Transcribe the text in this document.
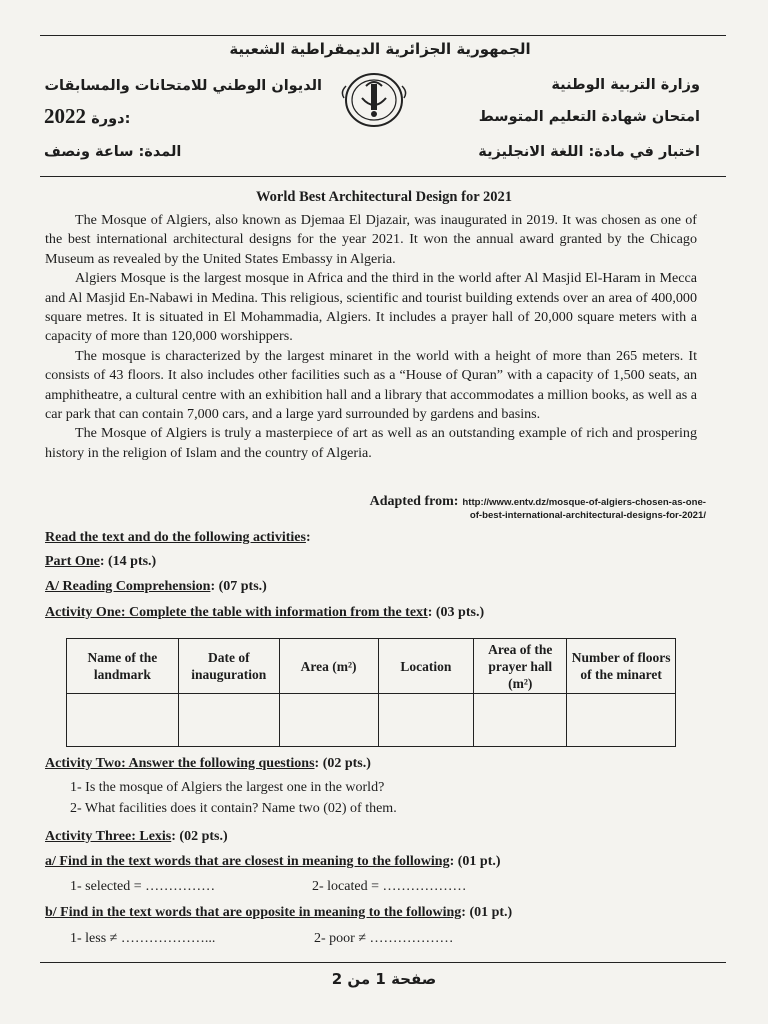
الجمهورية الجزائرية الديمقراطية الشعبية
وزارة التربية الوطنية
امتحان شهادة التعليم المتوسط
اختبار في مادة: اللغة الانجليزية
الديوان الوطني للامتحانات والمسابقات
2022 دورة:
المدة: ساعة ونصف
World Best Architectural Design for 2021

The Mosque of Algiers, also known as Djemaa El Djazair, was inaugurated in 2019. It was chosen as one of the best international architectural designs for the year 2021. It won the annual award granted by the Chicago Museum as revealed by the United States Embassy in Algeria.

Algiers Mosque is the largest mosque in Africa and the third in the world after Al Masjid El-Haram in Mecca and Al Masjid En-Nabawi in Medina. This religious, scientific and tourist building extends over an area of 400,000 square metres. It is situated in El Mohammadia, Algiers. It includes a prayer hall of 20,000 square meters with a capacity of more than 120,000 worshippers.

The mosque is characterized by the largest minaret in the world with a height of more than 265 meters. It consists of 43 floors. It also includes other facilities such as a “House of Quran” with a capacity of 1,500 seats, an amphitheatre, a cultural centre with an exhibition hall and a library that accommodates a million books, as well as a car park that can contain 7,000 cars, and a large yard surrounded by gardens and basins.

The Mosque of Algiers is truly a masterpiece of art as well as an outstanding example of rich and prospering history in the religion of Islam and the country of Algeria.

Adapted from: http://www.entv.dz/mosque-of-algiers-chosen-as-one-
of-best-international-architectural-designs-for-2021/
Read the text and do the following activities:
Part One: (14 pts.)
A/ Reading Comprehension: (07 pts.)
Activity One: Complete the table with information from the text: (03 pts.)
Name of the landmark	Date of inauguration	Area (m²)	Location	Area of the prayer hall (m²)	Number of floors of the minaret

Activity Two: Answer the following questions: (02 pts.)
1- Is the mosque of Algiers the largest one in the world?
2- What facilities does it contain? Name two (02) of them.
Activity Three: Lexis: (02 pts.)
a/ Find in the text words that are closest in meaning to the following: (01 pt.)
1- selected = ……………	2- located = ………………
b/ Find in the text words that are opposite in meaning to the following: (01 pt.)
1- less ≠ ………………...	2- poor ≠ ………………
صفحة 1 من 2
